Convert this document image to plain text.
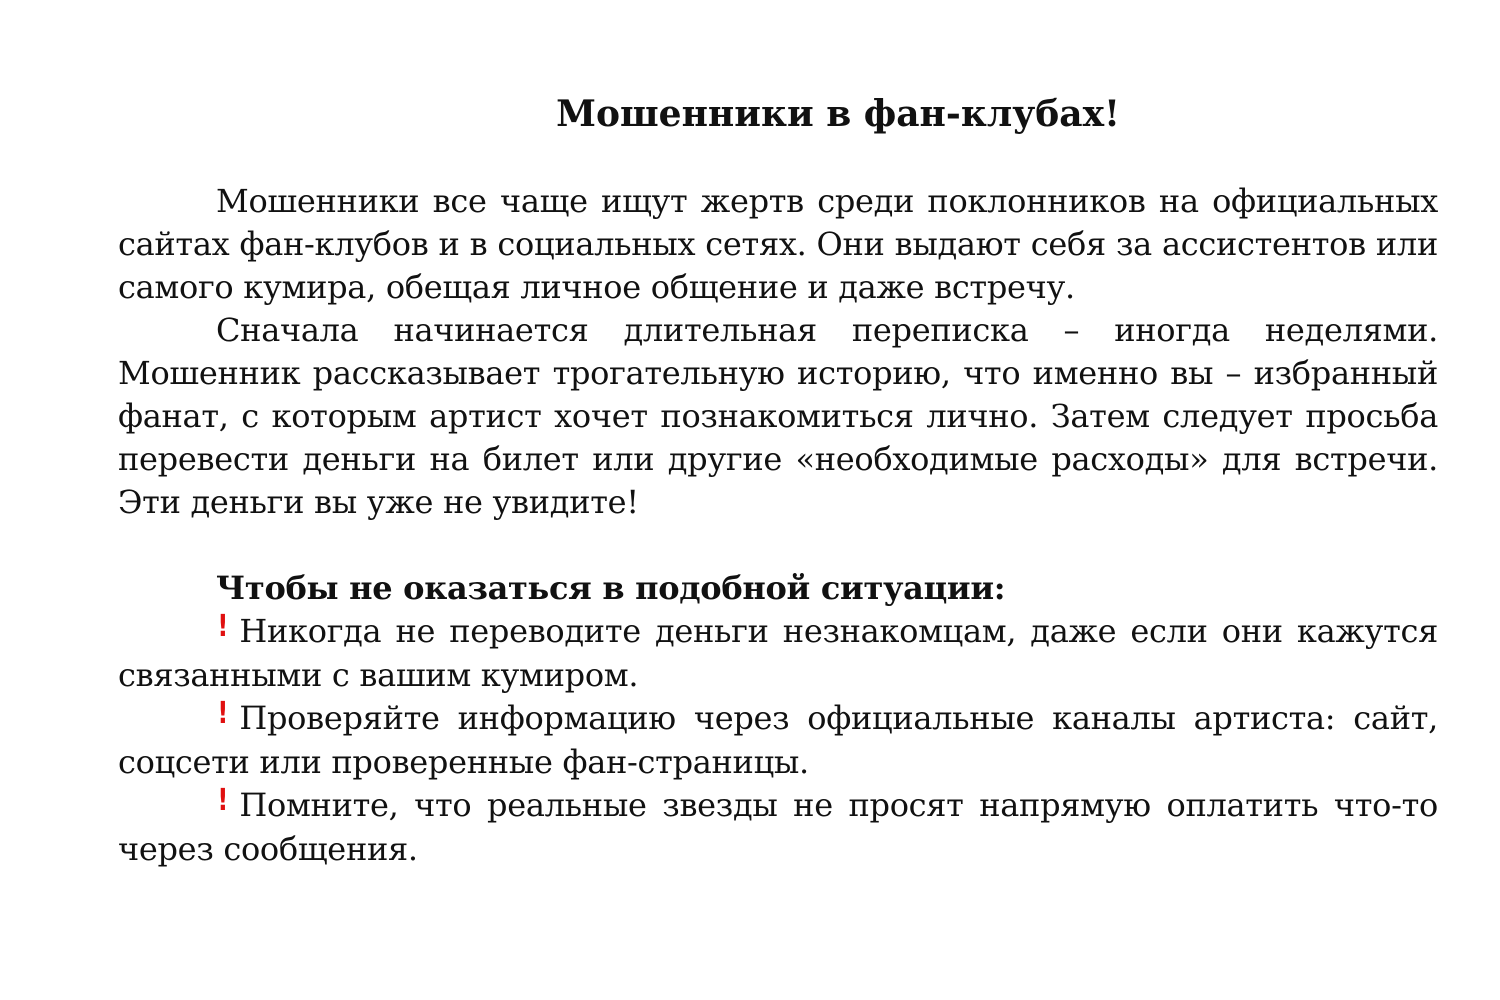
Мошенники в фан-клубах!

Мошенники все чаще ищут жертв среди поклонников на официальных сайтах фан-клубов и в социальных сетях. Они выдают себя за ассистентов или самого кумира, обещая личное общение и даже встречу.

Сначала начинается длительная переписка – иногда неделями. Мошенник рассказывает трогательную историю, что именно вы – избранный фанат, с которым артист хочет познакомиться лично. Затем следует просьба перевести деньги на билет или другие «необходимые расходы» для встречи. Эти деньги вы уже не увидите!

Чтобы не оказаться в подобной ситуации:

! Никогда не переводите деньги незнакомцам, даже если они кажутся связанными с вашим кумиром.

! Проверяйте информацию через официальные каналы артиста: сайт, соцсети или проверенные фан-страницы.

! Помните, что реальные звезды не просят напрямую оплатить что-то через сообщения.
